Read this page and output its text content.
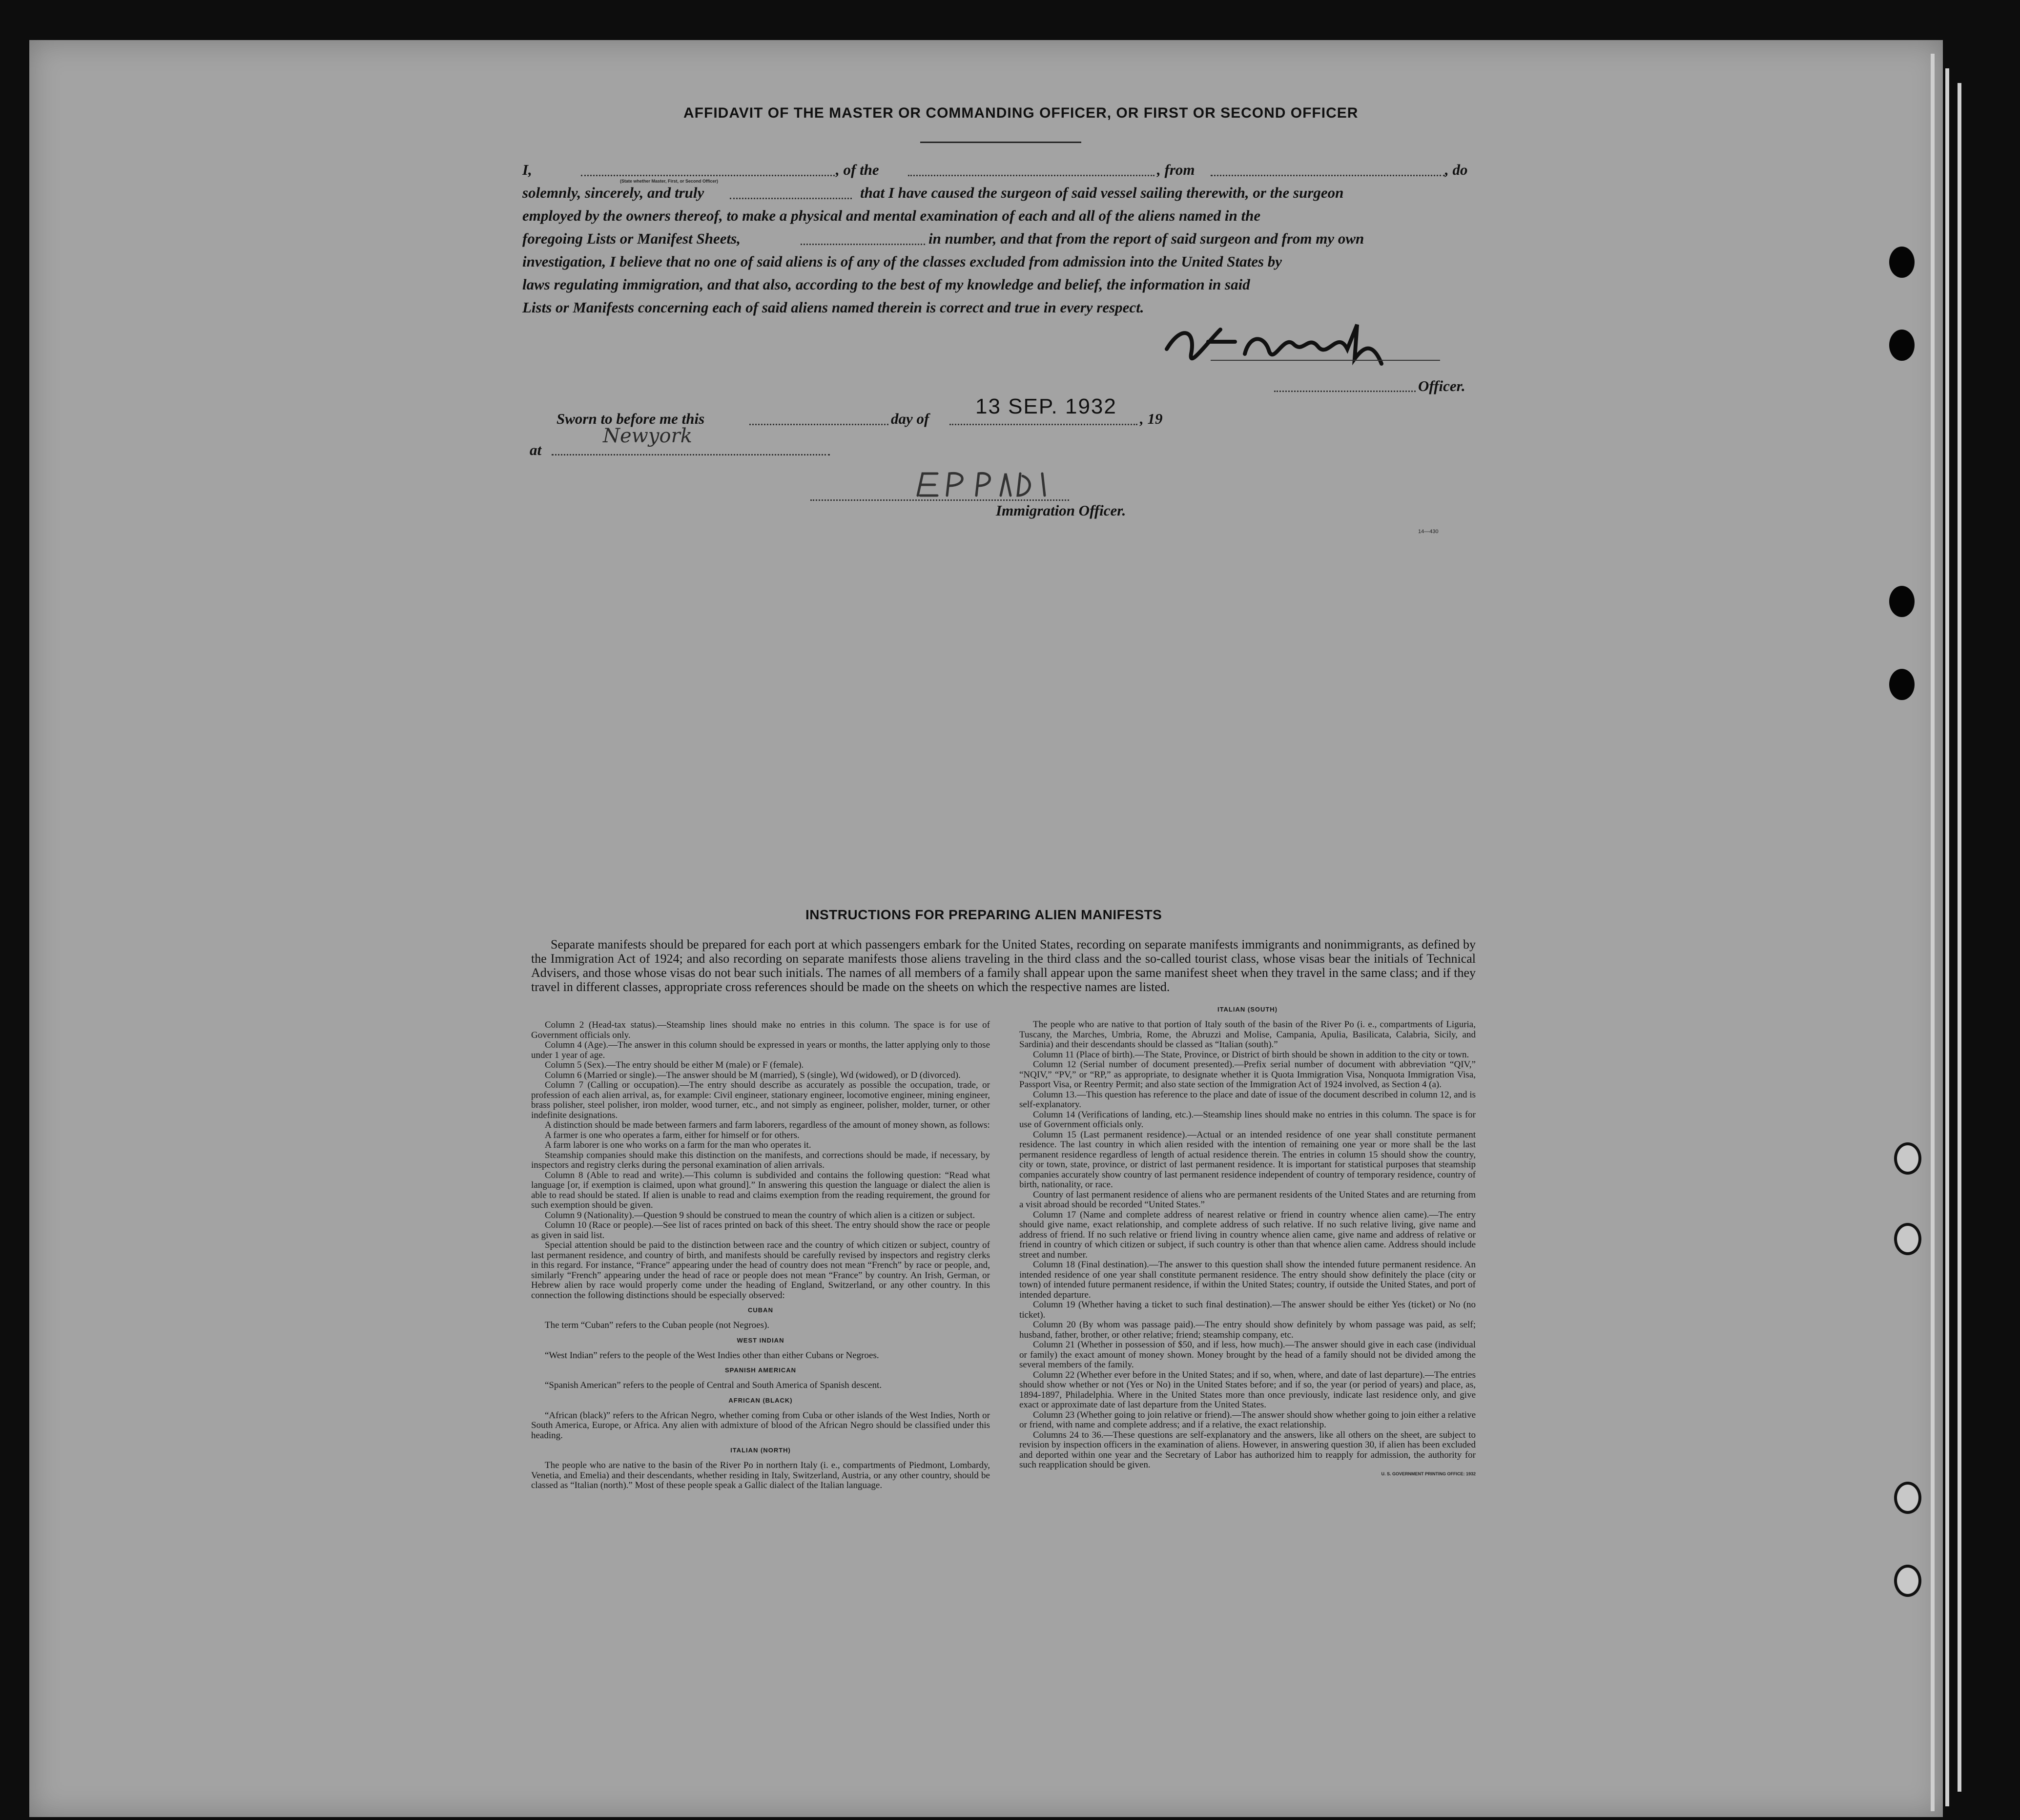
AFFIDAVIT OF THE MASTER OR COMMANDING OFFICER, OR FIRST OR SECOND OFFICER
I,
(State whether Master, First, or Second Officer)
, of the	, from	, do
solemnly, sincerely, and truly	that I have caused the surgeon of said vessel sailing therewith, or the surgeon
employed by the owners thereof, to make a physical and mental examination of each and all of the aliens named in the
foregoing Lists or Manifest Sheets,	in number, and that from the report of said surgeon and from my own
investigation, I believe that no one of said aliens is of any of the classes excluded from admission into the United States by
laws regulating immigration, and that also, according to the best of my knowledge and belief, the information in said
Lists or Manifests concerning each of said aliens named therein is correct and true in every respect.
Officer.
Sworn to before me this	day of
13 SEP. 1932
, 19
at
Newyork
Immigration Officer.
14—430
INSTRUCTIONS FOR PREPARING ALIEN MANIFESTS
Separate manifests should be prepared for each port at which passengers embark for the United States, recording on separate manifests immigrants and nonimmigrants, as defined by the Immigration Act of 1924; and also recording on separate manifests those aliens traveling in the third class and the so-called tourist class, whose visas bear the initials of Technical Advisers, and those whose visas do not bear such initials. The names of all members of a family shall appear upon the same manifest sheet when they travel in the same class; and if they travel in different classes, appropriate cross references should be made on the sheets on which the respective names are listed.

Column 2 (Head-tax status).—Steamship lines should make no entries in this column. The space is for use of Government officials only.

Column 4 (Age).—The answer in this column should be expressed in years or months, the latter applying only to those under 1 year of age.

Column 5 (Sex).—The entry should be either M (male) or F (female).

Column 6 (Married or single).—The answer should be M (married), S (single), Wd (widowed), or D (divorced).

Column 7 (Calling or occupation).—The entry should describe as accurately as possible the occupation, trade, or profession of each alien arrival, as, for example: Civil engineer, stationary engineer, locomotive engineer, mining engineer, brass polisher, steel polisher, iron molder, wood turner, etc., and not simply as engineer, polisher, molder, turner, or other indefinite designations.

A distinction should be made between farmers and farm laborers, regardless of the amount of money shown, as follows:

A farmer is one who operates a farm, either for himself or for others.

A farm laborer is one who works on a farm for the man who operates it.

Steamship companies should make this distinction on the manifests, and corrections should be made, if necessary, by inspectors and registry clerks during the personal examination of alien arrivals.

Column 8 (Able to read and write).—This column is subdivided and contains the following question: “Read what language [or, if exemption is claimed, upon what ground].” In answering this question the language or dialect the alien is able to read should be stated. If alien is unable to read and claims exemption from the reading requirement, the ground for such exemption should be given.

Column 9 (Nationality).—Question 9 should be construed to mean the country of which alien is a citizen or subject.

Column 10 (Race or people).—See list of races printed on back of this sheet. The entry should show the race or people as given in said list.

Special attention should be paid to the distinction between race and the country of which citizen or subject, country of last permanent residence, and country of birth, and manifests should be carefully revised by inspectors and registry clerks in this regard. For instance, “France” appearing under the head of country does not mean “French” by race or people, and, similarly “French” appearing under the head of race or people does not mean “France” by country. An Irish, German, or Hebrew alien by race would properly come under the heading of England, Switzerland, or any other country. In this connection the following distinctions should be especially observed:

CUBAN

The term “Cuban” refers to the Cuban people (not Negroes).

WEST INDIAN

“West Indian” refers to the people of the West Indies other than either Cubans or Negroes.

SPANISH AMERICAN

“Spanish American” refers to the people of Central and South America of Spanish descent.

AFRICAN (BLACK)

“African (black)” refers to the African Negro, whether coming from Cuba or other islands of the West Indies, North or South America, Europe, or Africa. Any alien with admixture of blood of the African Negro should be classified under this heading.

ITALIAN (NORTH)

The people who are native to the basin of the River Po in northern Italy (i. e., compartments of Piedmont, Lombardy, Venetia, and Emelia) and their descendants, whether residing in Italy, Switzerland, Austria, or any other country, should be classed as “Italian (north).” Most of these people speak a Gallic dialect of the Italian language.

ITALIAN (SOUTH)

The people who are native to that portion of Italy south of the basin of the River Po (i. e., compartments of Liguria, Tuscany, the Marches, Umbria, Rome, the Abruzzi and Molise, Campania, Apulia, Basilicata, Calabria, Sicily, and Sardinia) and their descendants should be classed as “Italian (south).”

Column 11 (Place of birth).—The State, Province, or District of birth should be shown in addition to the city or town.

Column 12 (Serial number of document presented).—Prefix serial number of document with abbreviation “QIV,” “NQIV,” “PV,” or “RP,” as appropriate, to designate whether it is Quota Immigration Visa, Nonquota Immigration Visa, Passport Visa, or Reentry Permit; and also state section of the Immigration Act of 1924 involved, as Section 4 (a).

Column 13.—This question has reference to the place and date of issue of the document described in column 12, and is self-explanatory.

Column 14 (Verifications of landing, etc.).—Steamship lines should make no entries in this column. The space is for use of Government officials only.

Column 15 (Last permanent residence).—Actual or an intended residence of one year shall constitute permanent residence. The last country in which alien resided with the intention of remaining one year or more shall be the last permanent residence regardless of length of actual residence therein. The entries in column 15 should show the country, city or town, state, province, or district of last permanent residence. It is important for statistical purposes that steamship companies accurately show country of last permanent residence independent of country of temporary residence, country of birth, nationality, or race.

Country of last permanent residence of aliens who are permanent residents of the United States and are returning from a visit abroad should be recorded “United States.”

Column 17 (Name and complete address of nearest relative or friend in country whence alien came).—The entry should give name, exact relationship, and complete address of such relative. If no such relative living, give name and address of friend. If no such relative or friend living in country whence alien came, give name and address of relative or friend in country of which citizen or subject, if such country is other than that whence alien came. Address should include street and number.

Column 18 (Final destination).—The answer to this question shall show the intended future permanent residence. An intended residence of one year shall constitute permanent residence. The entry should show definitely the place (city or town) of intended future permanent residence, if within the United States; country, if outside the United States, and port of intended departure.

Column 19 (Whether having a ticket to such final destination).—The answer should be either Yes (ticket) or No (no ticket).

Column 20 (By whom was passage paid).—The entry should show definitely by whom passage was paid, as self; husband, father, brother, or other relative; friend; steamship company, etc.

Column 21 (Whether in possession of $50, and if less, how much).—The answer should give in each case (individual or family) the exact amount of money shown. Money brought by the head of a family should not be divided among the several members of the family.

Column 22 (Whether ever before in the United States; and if so, when, where, and date of last departure).—The entries should show whether or not (Yes or No) in the United States before; and if so, the year (or period of years) and place, as, 1894-1897, Philadelphia. Where in the United States more than once previously, indicate last residence only, and give exact or approximate date of last departure from the United States.

Column 23 (Whether going to join relative or friend).—The answer should show whether going to join either a relative or friend, with name and complete address; and if a relative, the exact relationship.

Columns 24 to 36.—These questions are self-explanatory and the answers, like all others on the sheet, are subject to revision by inspection officers in the examination of aliens. However, in answering question 30, if alien has been excluded and deported within one year and the Secretary of Labor has authorized him to reapply for admission, the authority for such reapplication should be given.

U. S. GOVERNMENT PRINTING OFFICE: 1932
